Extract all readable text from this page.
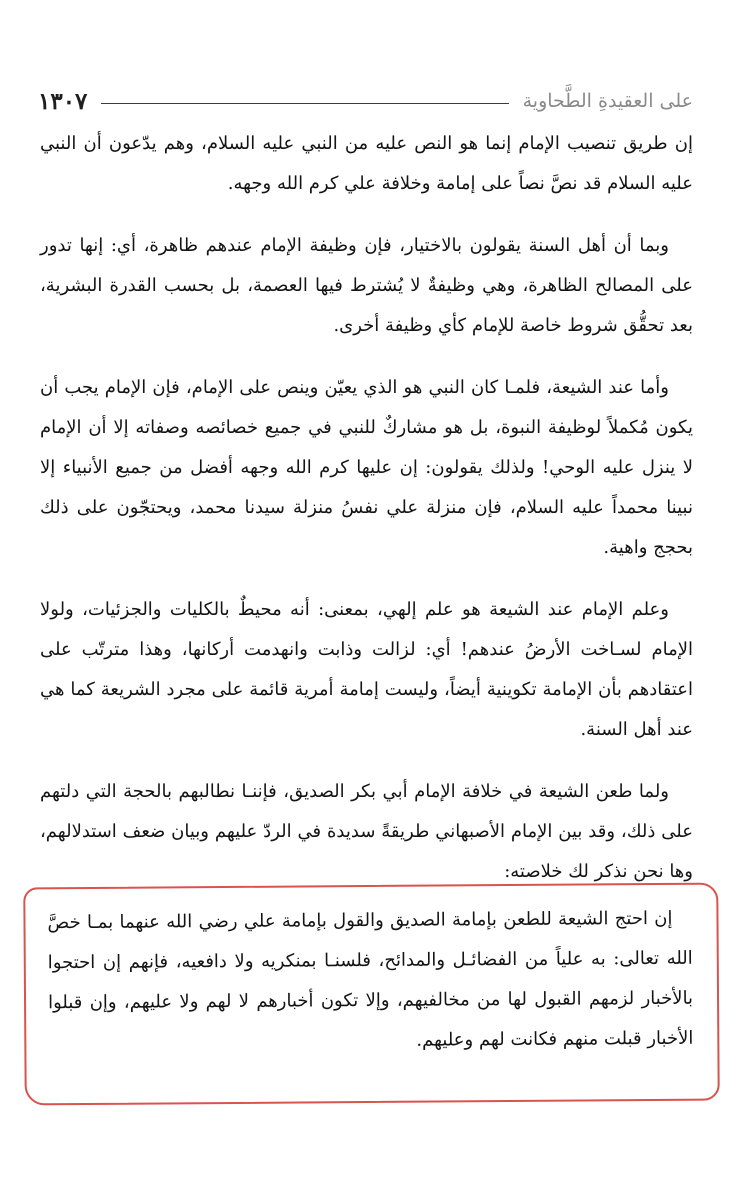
على العقيدةِ الطَّحاوية
١٣٠٧

إن طريق تنصيب الإمام إنما هو النص عليه من النبي عليه السلام، وهم يدّعون أن النبي عليه السلام قد نصَّ نصاً على إمامة وخلافة علي كرم الله وجهه.

وبما أن أهل السنة يقولون بالاختيار، فإن وظيفة الإمام عندهم ظاهرة، أي: إنها تدور على المصالح الظاهرة، وهي وظيفةٌ لا يُشترط فيها العصمة، بل بحسب القدرة البشرية، بعد تحقُّق شروط خاصة للإمام كأي وظيفة أخرى.

وأما عند الشيعة، فلمـا كان النبي هو الذي يعيّن وينص على الإمام، فإن الإمام يجب أن يكون مُكملاً لوظيفة النبوة، بل هو مشاركٌ للنبي في جميع خصائصه وصفاته إلا أن الإمام لا ينزل عليه الوحي! ولذلك يقولون: إن عليها كرم الله وجهه أفضل من جميع الأنبياء إلا نبينا محمداً عليه السلام، فإن منزلة علي نفسُ منزلة سيدنا محمد، ويحتجّون على ذلك بحجج واهية.

وعلم الإمام عند الشيعة هو علم إلهي، بمعنى: أنه محيطٌ بالكليات والجزئيات، ولولا الإمام لسـاخت الأرضُ عندهم! أي: لزالت وذابت وانهدمت أركانها، وهذا مترتّب على اعتقادهم بأن الإمامة تكوينية أيضاً، وليست إمامة أمرية قائمة على مجرد الشريعة كما هي عند أهل السنة.

ولما طعن الشيعة في خلافة الإمام أبي بكر الصديق، فإننـا نطالبهم بالحجة التي دلتهم على ذلك، وقد بين الإمام الأصبهاني طريقةً سديدة في الردّ عليهم وبيان ضعف استدلالهم، وها نحن نذكر لك خلاصته:

إن احتج الشيعة للطعن بإمامة الصديق والقول بإمامة علي رضي الله عنهما بمـا خصَّ الله تعالى: به علياً من الفضائـل والمدائح، فلسنـا بمنكريه ولا دافعيه، فإنهم إن احتجوا بالأخبار لزمهم القبول لها من مخالفيهم، وإلا تكون أخبارهم لا لهم ولا عليهم، وإن قبلوا الأخبار قبلت منهم فكانت لهم وعليهم.
